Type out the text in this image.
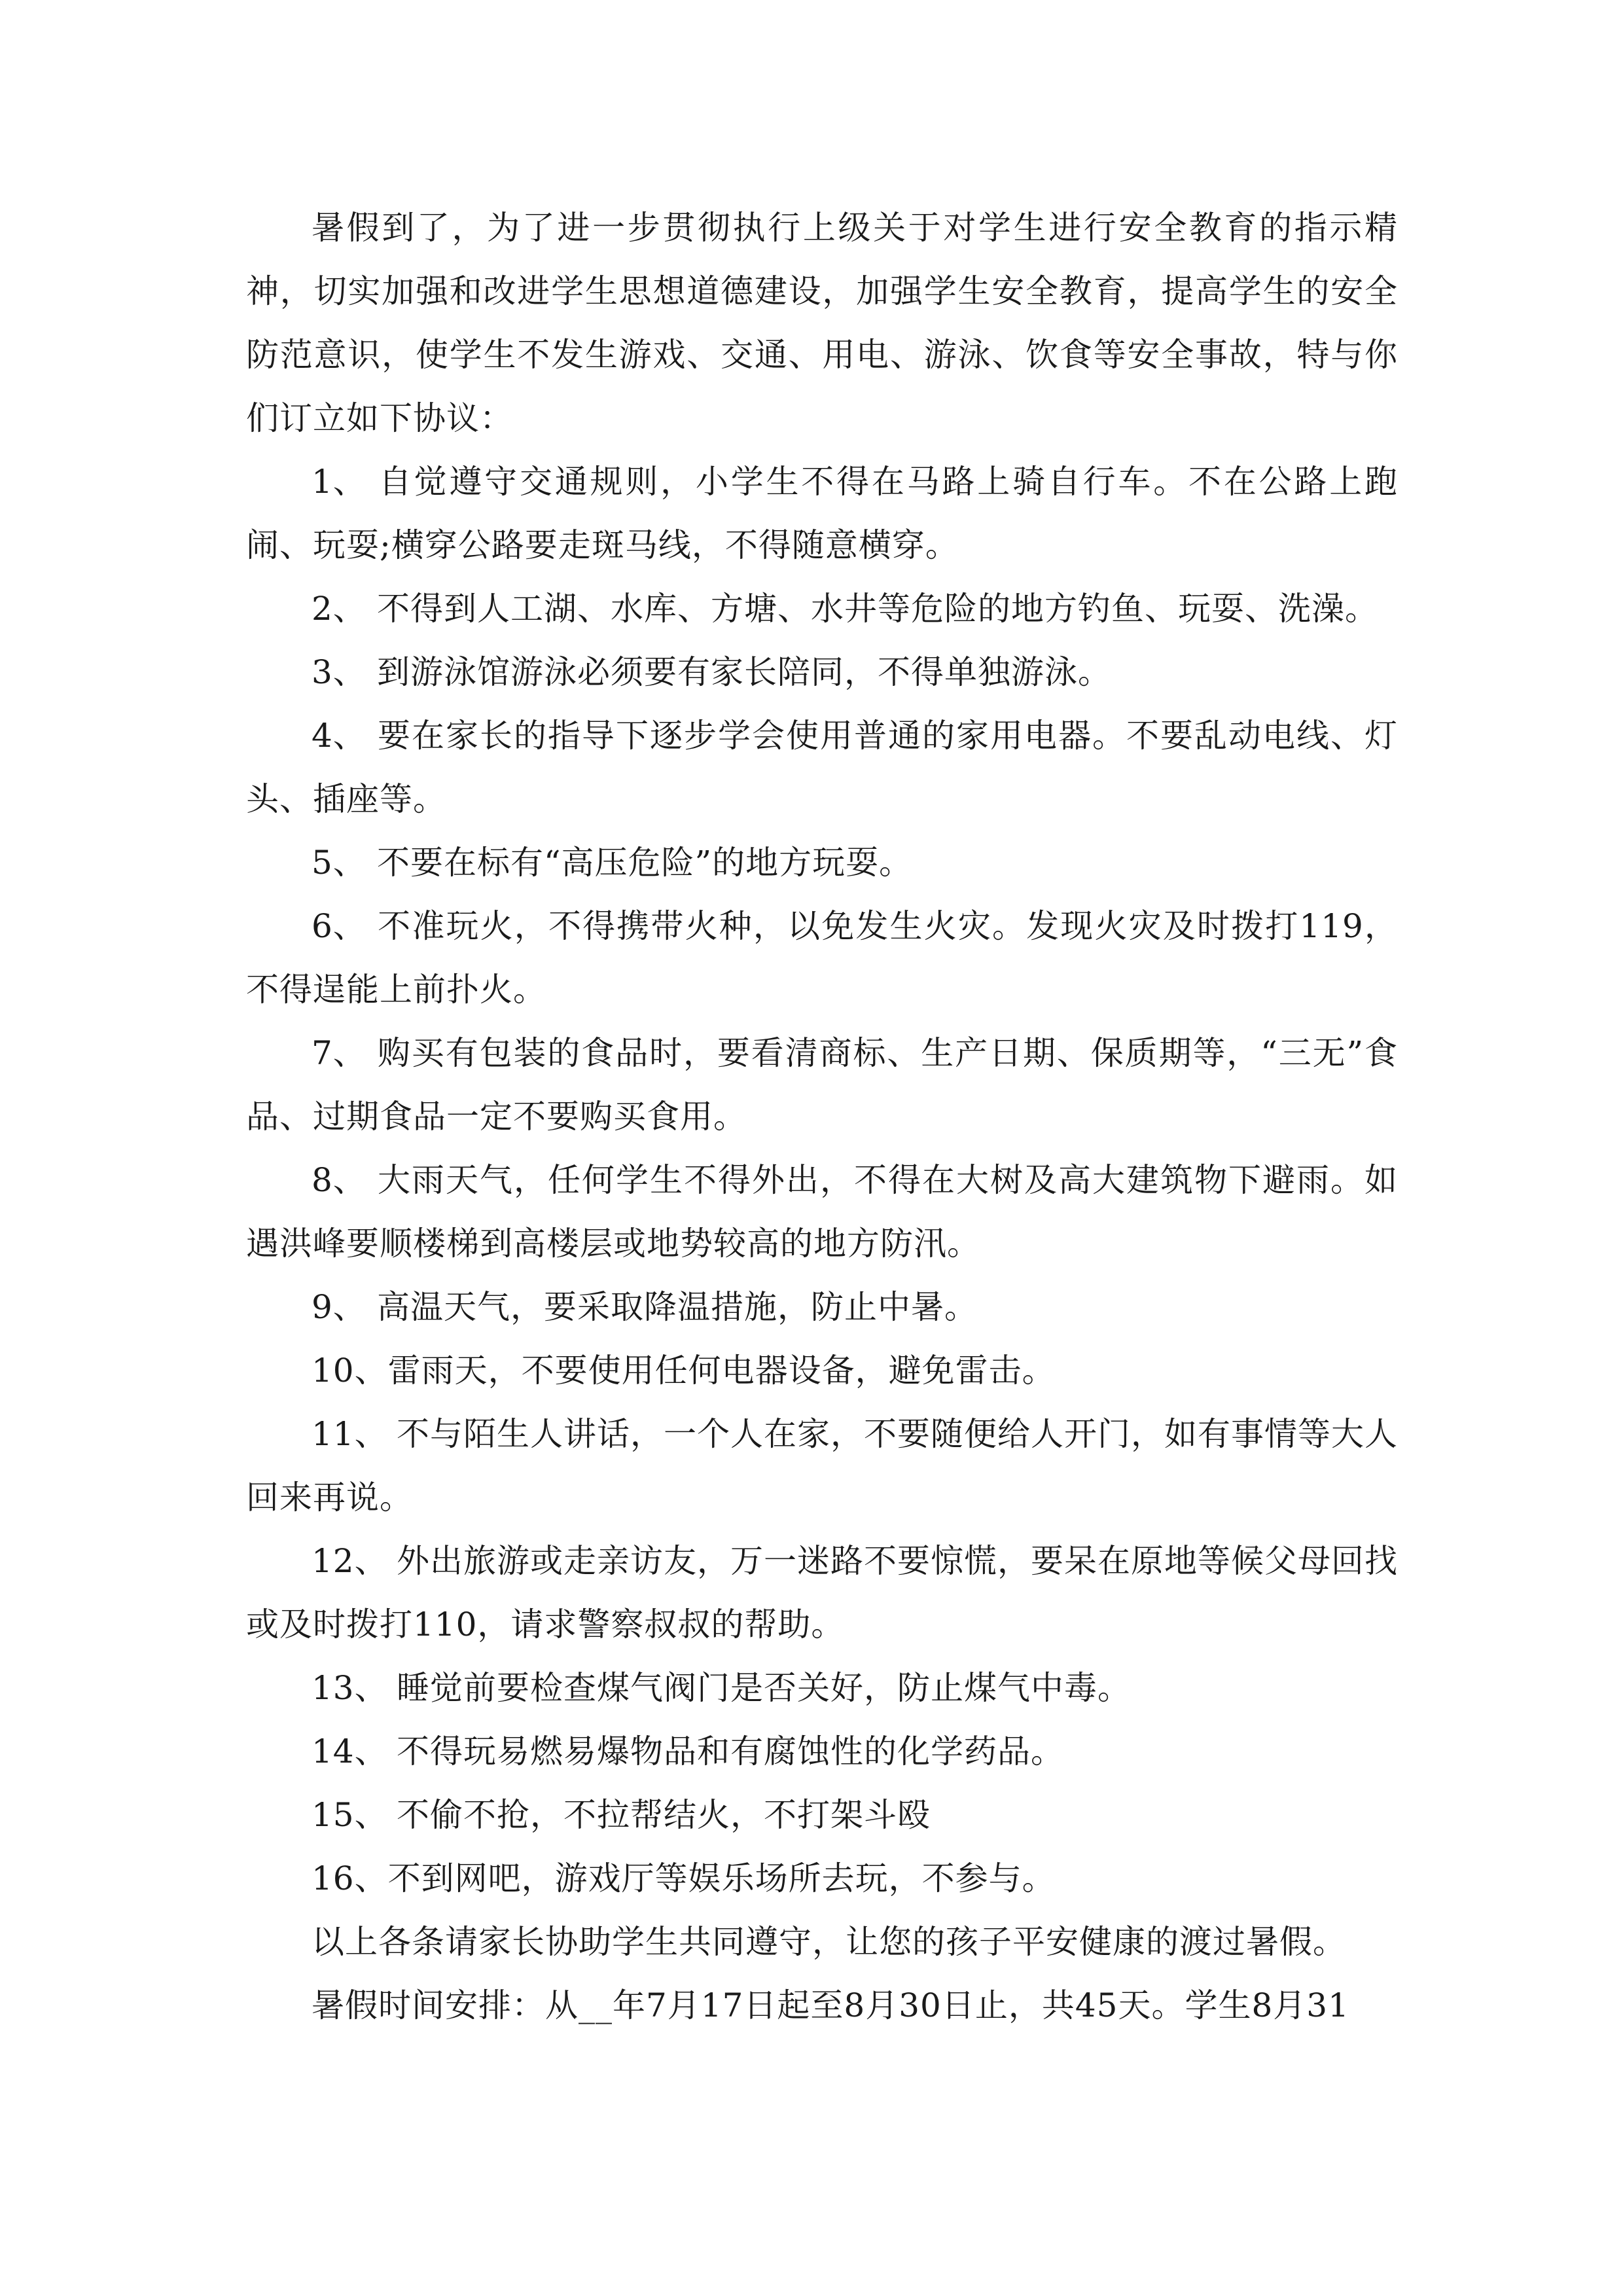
暑假到了，为了进一步贯彻执行上级关于对学生进行安全教育的指示精神，切实加强和改进学生思想道德建设，加强学生安全教育，提高学生的安全防范意识，使学生不发生游戏、交通、用电、游泳、饮食等安全事故，特与你们订立如下协议：

1、 自觉遵守交通规则，小学生不得在马路上骑自行车。不在公路上跑闹、玩耍;横穿公路要走斑马线，不得随意横穿。

2、 不得到人工湖、水库、方塘、水井等危险的地方钓鱼、玩耍、洗澡。

3、 到游泳馆游泳必须要有家长陪同，不得单独游泳。

4、 要在家长的指导下逐步学会使用普通的家用电器。不要乱动电线、灯头、插座等。

5、 不要在标有“高压危险”的地方玩耍。

6、 不准玩火，不得携带火种，以免发生火灾。发现火灾及时拨打119，不得逞能上前扑火。

7、 购买有包装的食品时，要看清商标、生产日期、保质期等，“三无”食品、过期食品一定不要购买食用。

8、 大雨天气，任何学生不得外出，不得在大树及高大建筑物下避雨。如遇洪峰要顺楼梯到高楼层或地势较高的地方防汛。

9、 高温天气，要采取降温措施，防止中暑。

10、雷雨天，不要使用任何电器设备，避免雷击。

11、 不与陌生人讲话，一个人在家，不要随便给人开门，如有事情等大人回来再说。

12、 外出旅游或走亲访友，万一迷路不要惊慌，要呆在原地等候父母回找或及时拨打110，请求警察叔叔的帮助。

13、 睡觉前要检查煤气阀门是否关好，防止煤气中毒。

14、 不得玩易燃易爆物品和有腐蚀性的化学药品。

15、 不偷不抢，不拉帮结火，不打架斗殴

16、不到网吧，游戏厅等娱乐场所去玩，不参与。

以上各条请家长协助学生共同遵守，让您的孩子平安健康的渡过暑假。

暑假时间安排：从__年7月17日起至8月30日止，共45天。学生8月31
